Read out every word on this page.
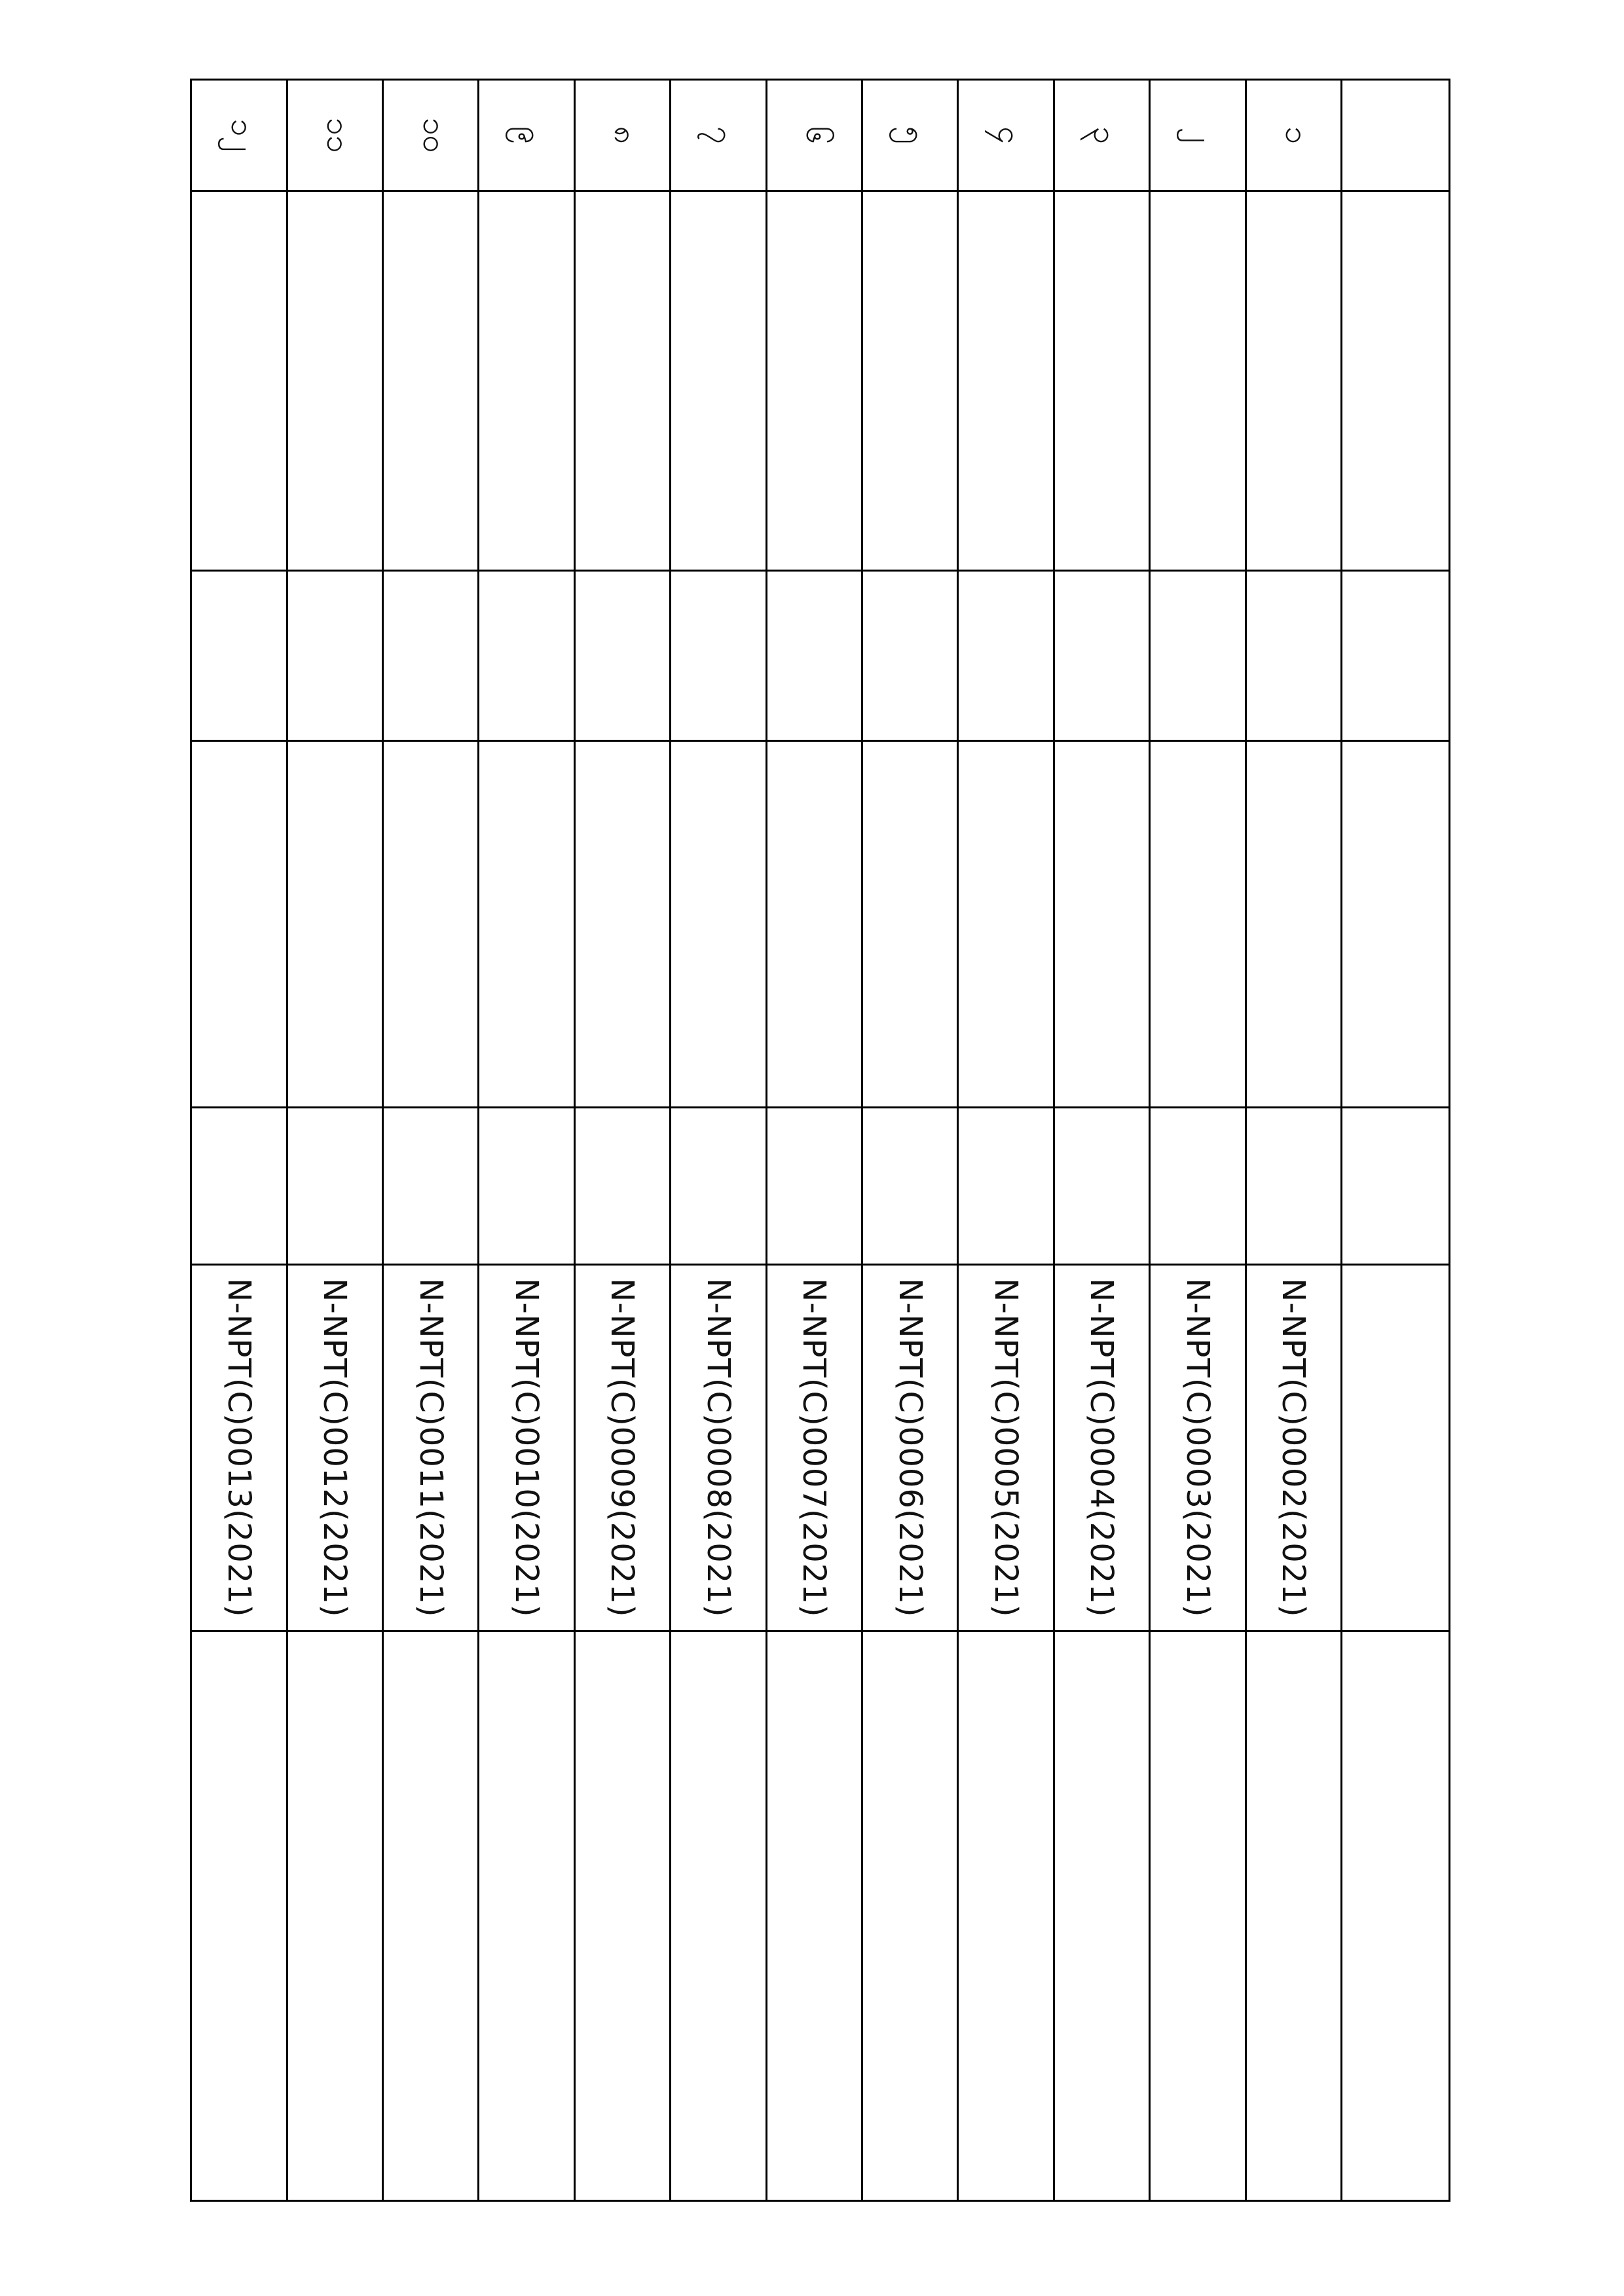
၁					N-NPT(C)0002(2021)	
၂					N-NPT(C)0003(2021)	
၃					N-NPT(C)0004(2021)	
၄					N-NPT(C)0005(2021)	
၅					N-NPT(C)0006(2021)	
၆					N-NPT(C)0007(2021)	
၇					N-NPT(C)0008(2021)	
၈					N-NPT(C)0009(2021)	
၉					N-NPT(C)0010(2021)	
၁၀					N-NPT(C)0011(2021)	
၁၁					N-NPT(C)0012(2021)	
၁၂					N-NPT(C)0013(2021)	
